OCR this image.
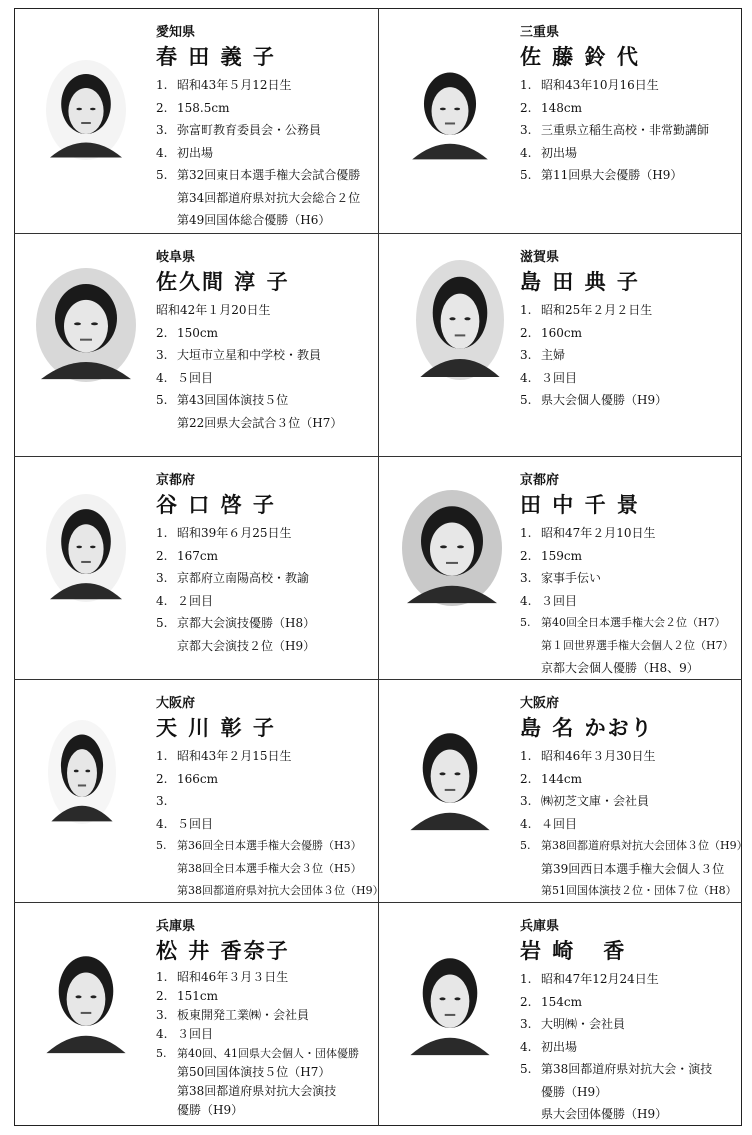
愛知県
春 田 義 子
1. 昭和43年５月12日生
2. 158.5cm
3. 弥富町教育委員会・公務員
4. 初出場
5. 第32回東日本選手権大会試合優勝
第34回都道府県対抗大会総合２位
第49回国体総合優勝（H6）
三重県
佐 藤 鈴 代
1. 昭和43年10月16日生
2. 148cm
3. 三重県立稲生高校・非常勤講師
4. 初出場
5. 第11回県大会優勝（H9）
岐阜県
佐久間 淳 子
昭和42年１月20日生
2. 150cm
3. 大垣市立星和中学校・教員
4. ５回目
5. 第43回国体演技５位
第22回県大会試合３位（H7）
滋賀県
島 田 典 子
1. 昭和25年２月２日生
2. 160cm
3. 主婦
4. ３回目
5. 県大会個人優勝（H9）
京都府
谷 口 啓 子
1. 昭和39年６月25日生
2. 167cm
3. 京都府立南陽高校・教諭
4. ２回目
5. 京都大会演技優勝（H8）
京都大会演技２位（H9）
京都府
田 中 千 景
1. 昭和47年２月10日生
2. 159cm
3. 家事手伝い
4. ３回目
5. 第40回全日本選手権大会２位（H7）
第１回世界選手権大会個人２位（H7）
京都大会個人優勝（H8、9）
大阪府
天 川 彰 子
1. 昭和43年２月15日生
2. 166cm
3.
4. ５回目
5. 第36回全日本選手権大会優勝（H3）
第38回全日本選手権大会３位（H5）
第38回都道府県対抗大会団体３位（H9）
大阪府
島 名 かおり
1. 昭和46年３月30日生
2. 144cm
3. ㈱初芝文庫・会社員
4. ４回目
5. 第38回都道府県対抗大会団体３位（H9）
第39回西日本選手権大会個人３位
第51回国体演技２位・団体７位（H8）
兵庫県
松 井 香奈子
1. 昭和46年３月３日生
2. 151cm
3. 板東開発工業㈱・会社員
4. ３回目
5. 第40回、41回県大会個人・団体優勝
第50回国体演技５位（H7）
第38回都道府県対抗大会演技
優勝（H9）
兵庫県
岩 崎   香
1. 昭和47年12月24日生
2. 154cm
3. 大明㈱・会社員
4. 初出場
5. 第38回都道府県対抗大会・演技
優勝（H9）
県大会団体優勝（H9）
